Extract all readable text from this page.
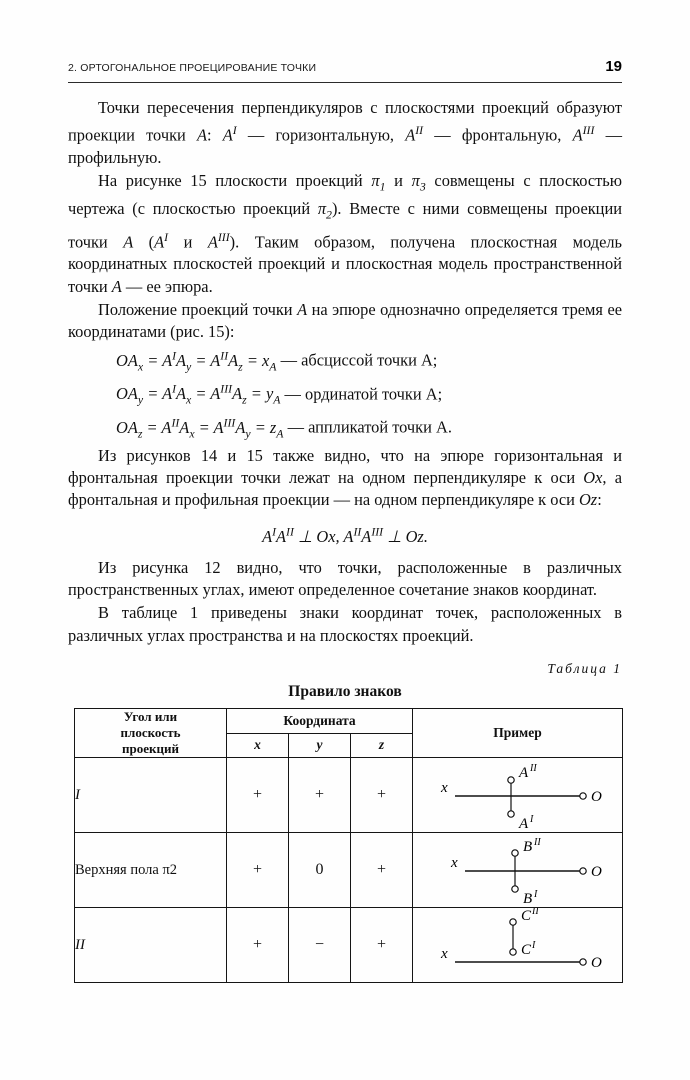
2. ОРТОГОНАЛЬНОЕ ПРОЕЦИРОВАНИЕ ТОЧКИ	19

Точки пересечения перпендикуляров с плоскостями проекций образуют проекции точки A: $A^I$ — горизонтальную, $A^{II}$ — фронтальную, $A^{III}$ — профильную.

На рисунке 15 плоскости проекций $\pi_1$ и $\pi_3$ совмещены с плоскостью чертежа (с плоскостью проекций $\pi_2$). Вместе с ними совмещены проекции точки A ($A^I$ и $A^{III}$). Таким образом, получена плоскостная модель координатных плоскостей проекций и плоскостная модель пространственной точки A — ее эпюра.

Положение проекций точки A на эпюре однозначно определяется тремя ее координатами (рис. 15):

$OA_x = A^IA_y = A^{II}A_z = x_A$ — абсциссой точки A;
$OA_y = A^IA_x = A^{III}A_z = y_A$ — ординатой точки A;
$OA_z = A^{II}A_x = A^{III}A_y = z_A$ — аппликатой точки A.

Из рисунков 14 и 15 также видно, что на эпюре горизонтальная и фронтальная проекции точки лежат на одном перпендикуляре к оси Ox, а фронтальная и профильная проекции — на одном перпендикуляре к оси Oz:

$A^IA^{II}$ ⊥ Ox, $A^{II}A^{III}$ ⊥ Oz.

Из рисунка 12 видно, что точки, расположенные в различных пространственных углах, имеют определенное сочетание знаков координат.

В таблице 1 приведены знаки координат точек, расположенных в различных углах пространства и на плоскостях проекций.

Таблица 1
Правило знаков
Угол или
плоскость
проекций	Координата			Пример
	x	y	z	
I	+	+	+	x
A II
A I
O

Верхняя пола π2	+	0	+	x
B II
B I
O

II	+	−	+	
x
C II
C I
O
